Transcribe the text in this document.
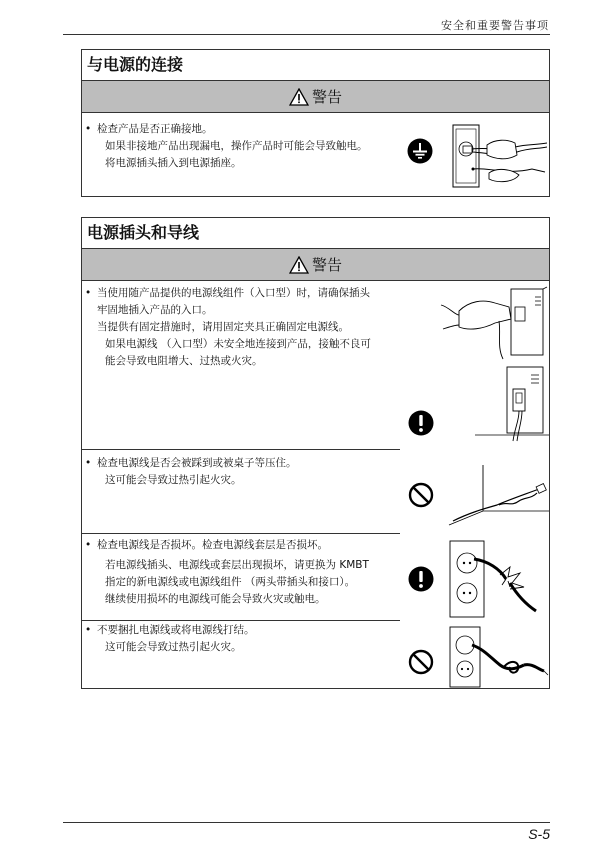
安全和重要警告事项
与电源的连接
警告
• 检查产品是否正确接地。
如果非接地产品出现漏电，操作产品时可能会导致触电。
将电源插头插入到电源插座。
电源插头和导线
警告
• 当使用随产品提供的电源线组件（入口型）时，请确保插头
牢固地插入产品的入口。
当提供有固定措施时，请用固定夹具正确固定电源线。
如果电源线 （入口型）未安全地连接到产品，接触不良可
能会导致电阻增大、过热或火灾。
• 检查电源线是否会被踩到或被桌子等压住。
这可能会导致过热引起火灾。
• 检查电源线是否损坏。检查电源线套层是否损坏。
若电源线插头、电源线或套层出现损坏，请更换为 KMBT
指定的新电源线或电源线组件 （两头带插头和接口）。
继续使用损坏的电源线可能会导致火灾或触电。
• 不要捆扎电源线或将电源线打结。
这可能会导致过热引起火灾。
S-5
